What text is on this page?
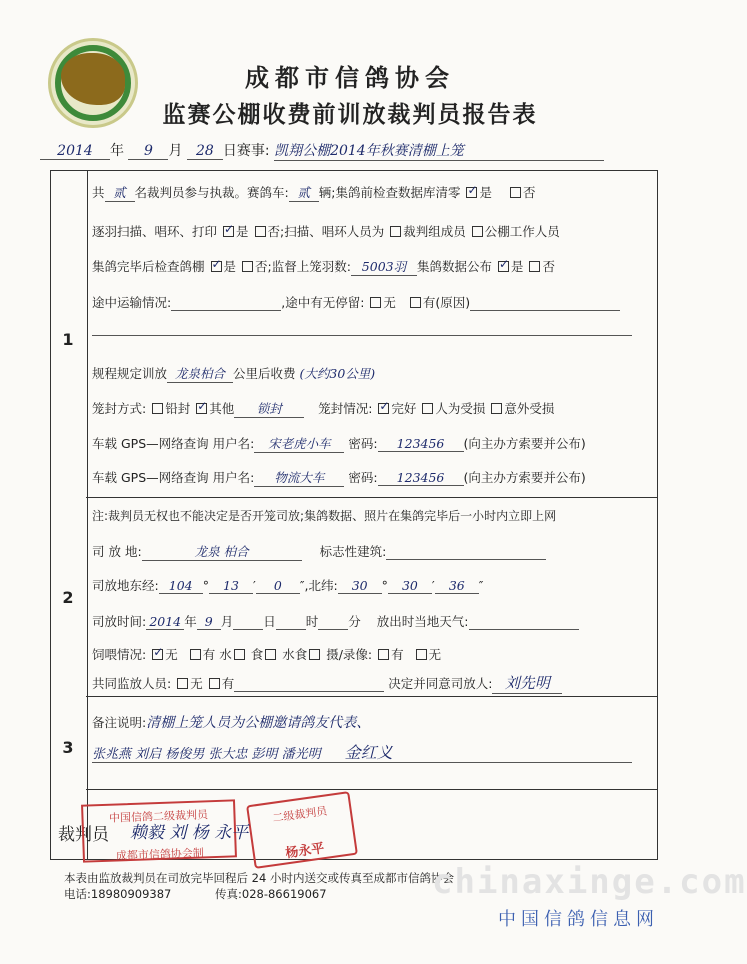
成都市信鸽协会
监赛公棚收费前训放裁判员报告表
2014 年 9 月 28 日赛事: 凯翔公棚2014年秋赛清棚上笼
1
共 贰 名裁判员参与执裁。赛鸽车: 贰 辆;集鸽前检查数据库清零 ✓ 是 否
逐羽扫描、唱环、打印 ✓ 是 否;扫描、唱环人员为 裁判组成员 公棚工作人员
集鸽完毕后检查鸽棚 ✓ 是 否;监督上笼羽数: 5003羽 集鸽数据公布 ✓ 是 否
途中运输情况:	,途中有无停留: 无 有(原因)
规程规定训放 龙泉柏合 公里后收费 (大约30公里)
笼封方式: 铅封 ✓ 其他 锁封	笼封情况: ✓ 完好 人为受损 意外受损
车载 GPS—网络查询 用户名: 宋老虎小车 密码: 123456 (向主办方索要并公布)
车载 GPS—网络查询 用户名: 物流大车 密码: 123456 (向主办方索要并公布)
2
注:裁判员无权也不能决定是否开笼司放;集鸽数据、照片在集鸽完毕后一小时内立即上网
司 放 地:	龙泉 柏合	标志性建筑:
司放地东经: 104 ° 13 ′ 0 ″,北纬: 30 ° 30 ′ 36 ″
司放时间: 2014 年 9 月 日 时 分 放出时当地天气:
饲喂情况: ✓ 无 有 水 食 水食 摄/录像: 有 无
共同监放人员: 无 有	决定并同意司放人: 刘先明
3
备注说明:清棚上笼人员为公棚邀请鸽友代表、
张兆燕 刘启 杨俊男 张大忠 彭明 潘光明 金红义
裁判员
中国信鸽二级裁判员
成都市信鸽协会制
二级裁判员
杨永平
赖毅 刘 杨 永平
本表由监放裁判员在司放完毕回程后 24 小时内送交或传真至成都市信鸽协会
电话:18980909387	传真:028-86619067	chinaxinge.com
中国信鸽信息网
